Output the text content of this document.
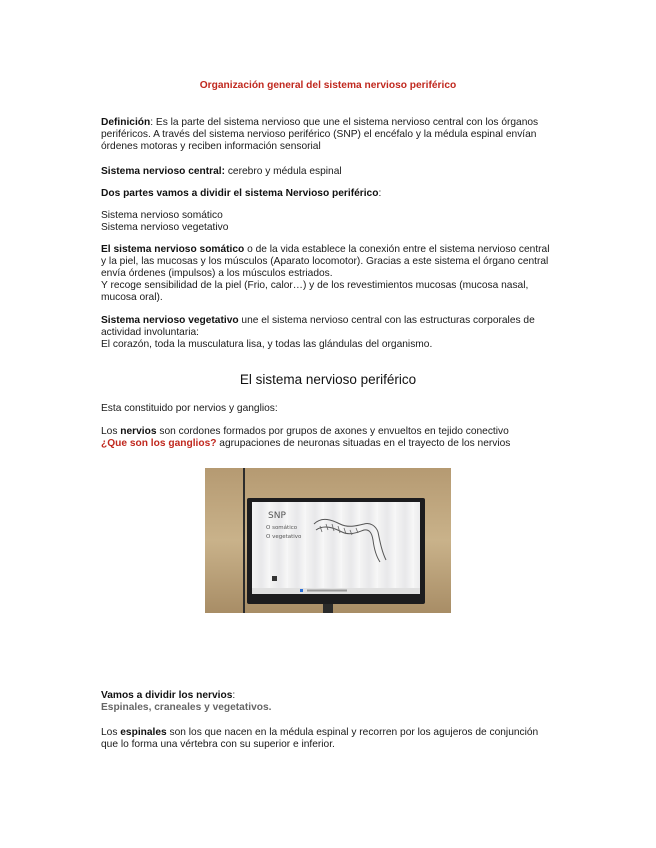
Organización general del sistema nervioso periférico

Definición: Es la parte del sistema nervioso que une el sistema nervioso central con los órganos periféricos. A través del sistema nervioso periférico (SNP) el encéfalo y la médula espinal envían órdenes motoras y reciben información sensorial

Sistema nervioso central: cerebro y médula espinal

Dos partes vamos a dividir el sistema Nervioso periférico:

Sistema nervioso somático
Sistema nervioso vegetativo

El sistema nervioso somático o de la vida establece la conexión entre el sistema nervioso central y la piel, las mucosas y los músculos (Aparato locomotor). Gracias a este sistema el órgano central envía órdenes (impulsos) a los músculos estriados.
Y recoge sensibilidad de la piel (Frio, calor…) y de los revestimientos mucosas (mucosa nasal, mucosa oral).

Sistema nervioso vegetativo une el sistema nervioso central con las estructuras corporales de actividad involuntaria:
El corazón, toda la musculatura lisa, y todas las glándulas del organismo.

El sistema nervioso periférico

Esta constituido por nervios y ganglios:

Los nervios son cordones formados por grupos de axones y envueltos en tejido conectivo
¿Que son los ganglios? agrupaciones de neuronas situadas en el trayecto de los nervios

SNP
O somático
O vegetativo

Vamos a dividir los nervios:
Espinales, craneales y vegetativos.

Los espinales son los que nacen en la médula espinal y recorren por los agujeros de conjunción que lo forma una vértebra con su superior e inferior.
